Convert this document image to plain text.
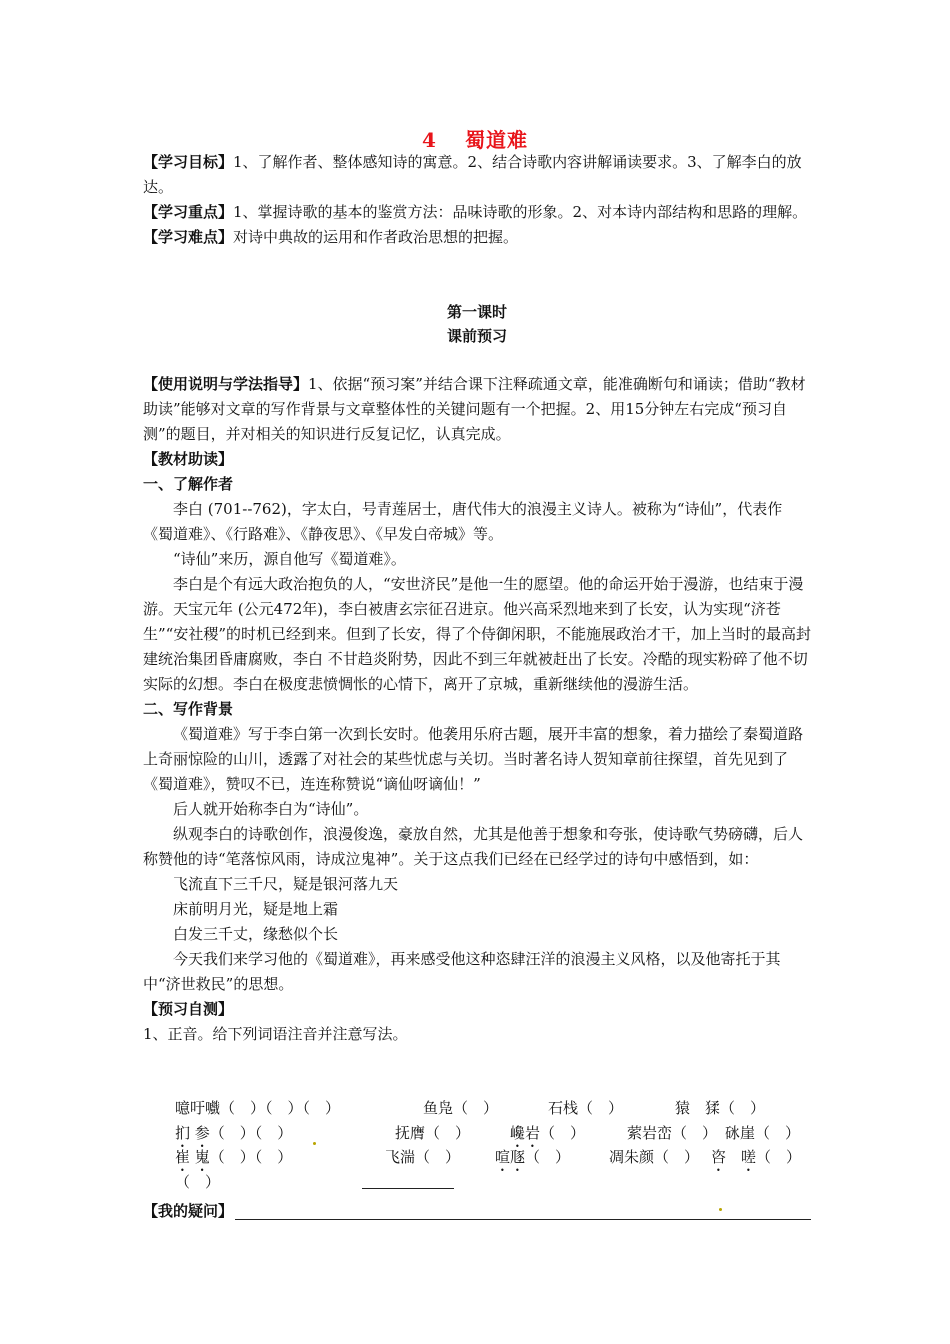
4 蜀道难

【学习目标】1、了解作者、整体感知诗的寓意。2、结合诗歌内容讲解诵读要求。3、了解李白的放达。

【学习重点】1、掌握诗歌的基本的鉴赏方法：品味诗歌的形象。2、对本诗内部结构和思路的理解。

【学习难点】对诗中典故的运用和作者政治思想的把握。

第一课时
课前预习

【使用说明与学法指导】1、依据“预习案”并结合课下注释疏通文章，能准确断句和诵读；借助“教材助读”能够对文章的写作背景与文章整体性的关键问题有一个把握。2、用15分钟左右完成“预习自测”的题目，并对相关的知识进行反复记忆，认真完成。

【教材助读】

一、了解作者

李白 (701--762)，字太白，号青莲居士，唐代伟大的浪漫主义诗人。被称为“诗仙”，代表作《蜀道难》、《行路难》、《静夜思》、《早发白帝城》等。

“诗仙”来历，源自他写《蜀道难》。

李白是个有远大政治抱负的人，“安世济民”是他一生的愿望。他的命运开始于漫游，也结束于漫游。天宝元年 (公元472年)，李白被唐玄宗征召进京。他兴高采烈地来到了长安，认为实现“济苍生”“安社稷”的时机已经到来。但到了长安，得了个侍御闲职，不能施展政治才干，加上当时的最高封建统治集团昏庸腐败，李白 不甘趋炎附势，因此不到三年就被赶出了长安。冷酷的现实粉碎了他不切实际的幻想。李白在极度悲愤惆怅的心情下，离开了京城，重新继续他的漫游生活。

二、写作背景

《蜀道难》写于李白第一次到长安时。他袭用乐府古题，展开丰富的想象，着力描绘了秦蜀道路上奇丽惊险的山川，透露了对社会的某些忧虑与关切。当时著名诗人贺知章前往探望，首先见到了《蜀道难》，赞叹不已，连连称赞说“谪仙呀谪仙！”

后人就开始称李白为“诗仙”。

纵观李白的诗歌创作，浪漫俊逸，豪放自然，尤其是他善于想象和夸张，使诗歌气势磅礴，后人称赞他的诗“笔落惊风雨，诗成泣鬼神”。关于这点我们已经在已经学过的诗句中感悟到，如：

飞流直下三千尺，疑是银河落九天

床前明月光，疑是地上霜

白发三千丈，缘愁似个长

今天我们来学习他的《蜀道难》，再来感受他这种恣肆汪洋的浪漫主义风格，以及他寄托于其中“济世救民”的思想。

【预习自测】

1、正音。给下列词语注音并注意写法。

噫吁嚱（　）（　）（　）	鱼凫（　）	石栈（　）	猿　猱（　）
扪 参（　）（　）	抚膺（　）	巉岩（　）	萦岩峦（　） 砯崖（　）
崔 嵬（　）（　）	飞湍（　） 喧豗（　）	凋朱颜（　） 咨　嗟（　）
（　）
【我的疑问】
